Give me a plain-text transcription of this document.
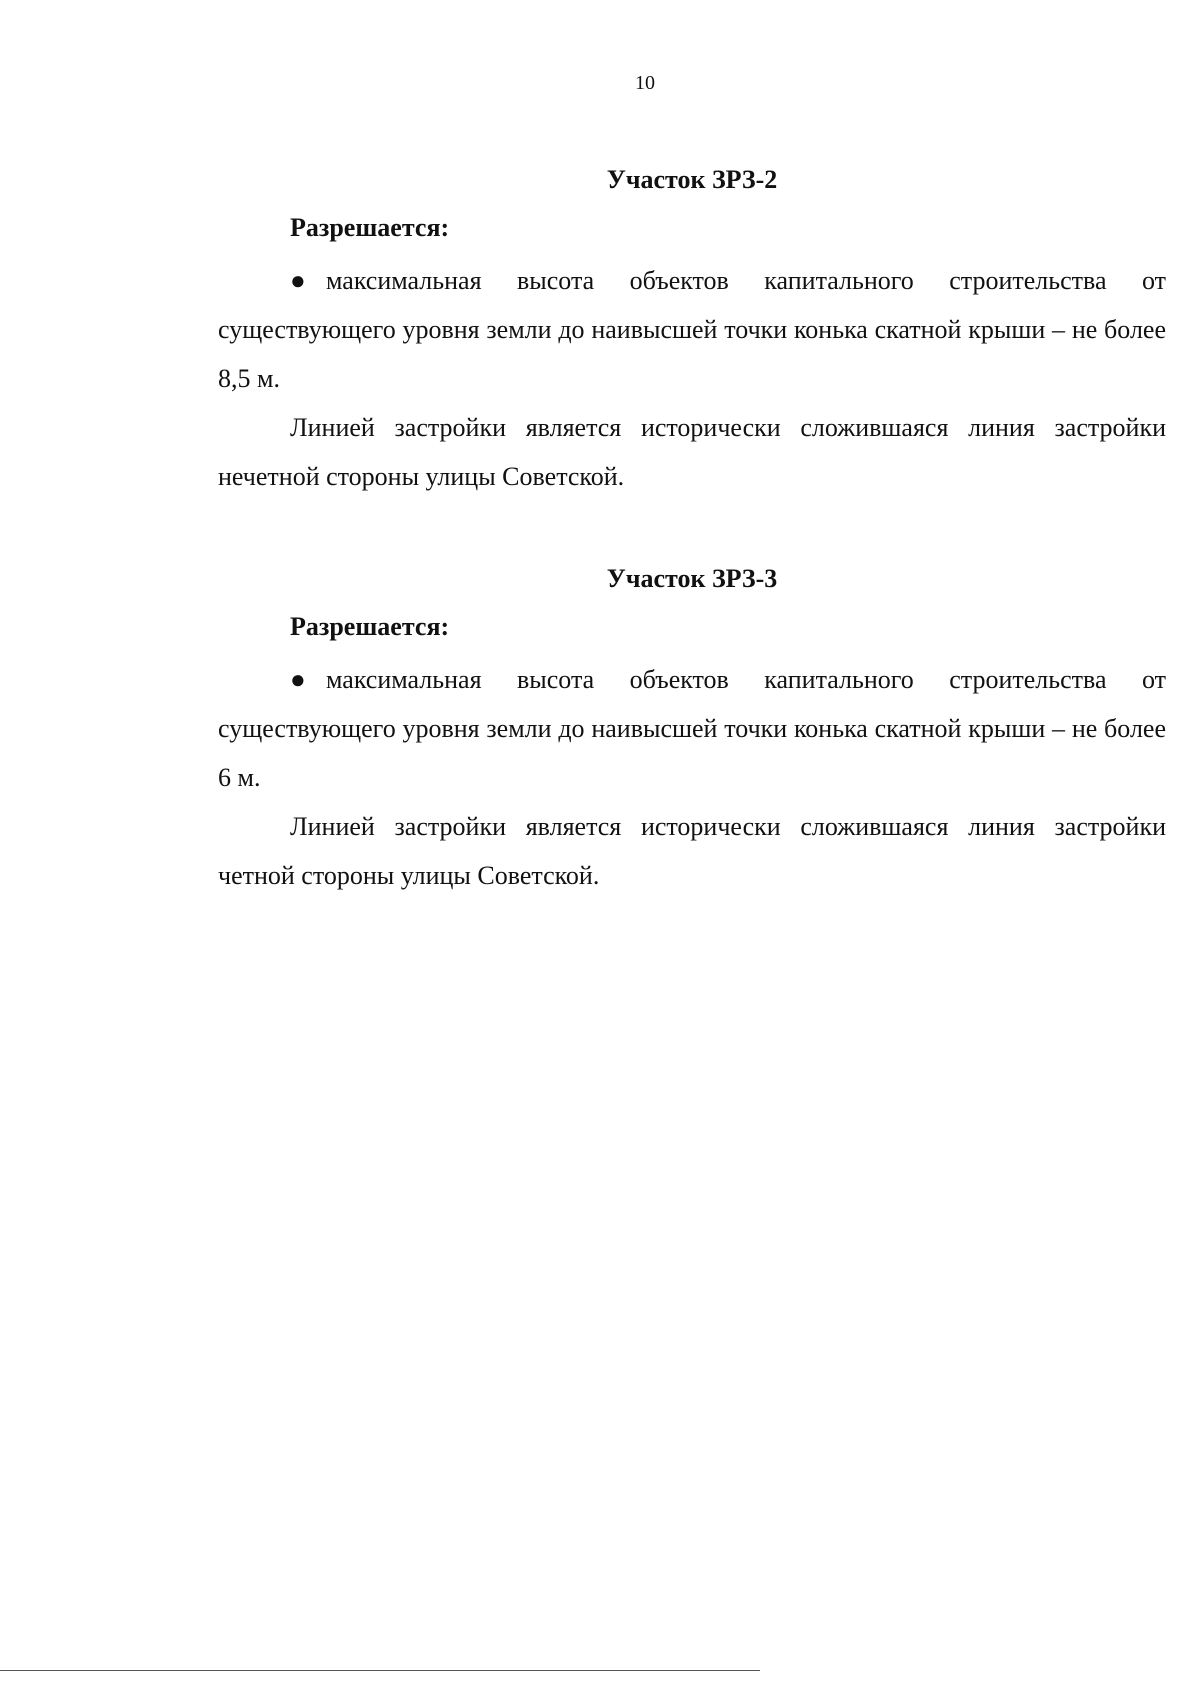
10

Участок ЗРЗ-2

Разрешается:

● максимальная высота объектов капитального строительства от существующего уровня земли до наивысшей точки конька скатной крыши – не более 8,5 м.

Линией застройки является исторически сложившаяся линия застройки нечетной стороны улицы Советской.

Участок ЗРЗ-3

Разрешается:

● максимальная высота объектов капитального строительства от существующего уровня земли до наивысшей точки конька скатной крыши – не более 6 м.

Линией застройки является исторически сложившаяся линия застройки четной стороны улицы Советской.
